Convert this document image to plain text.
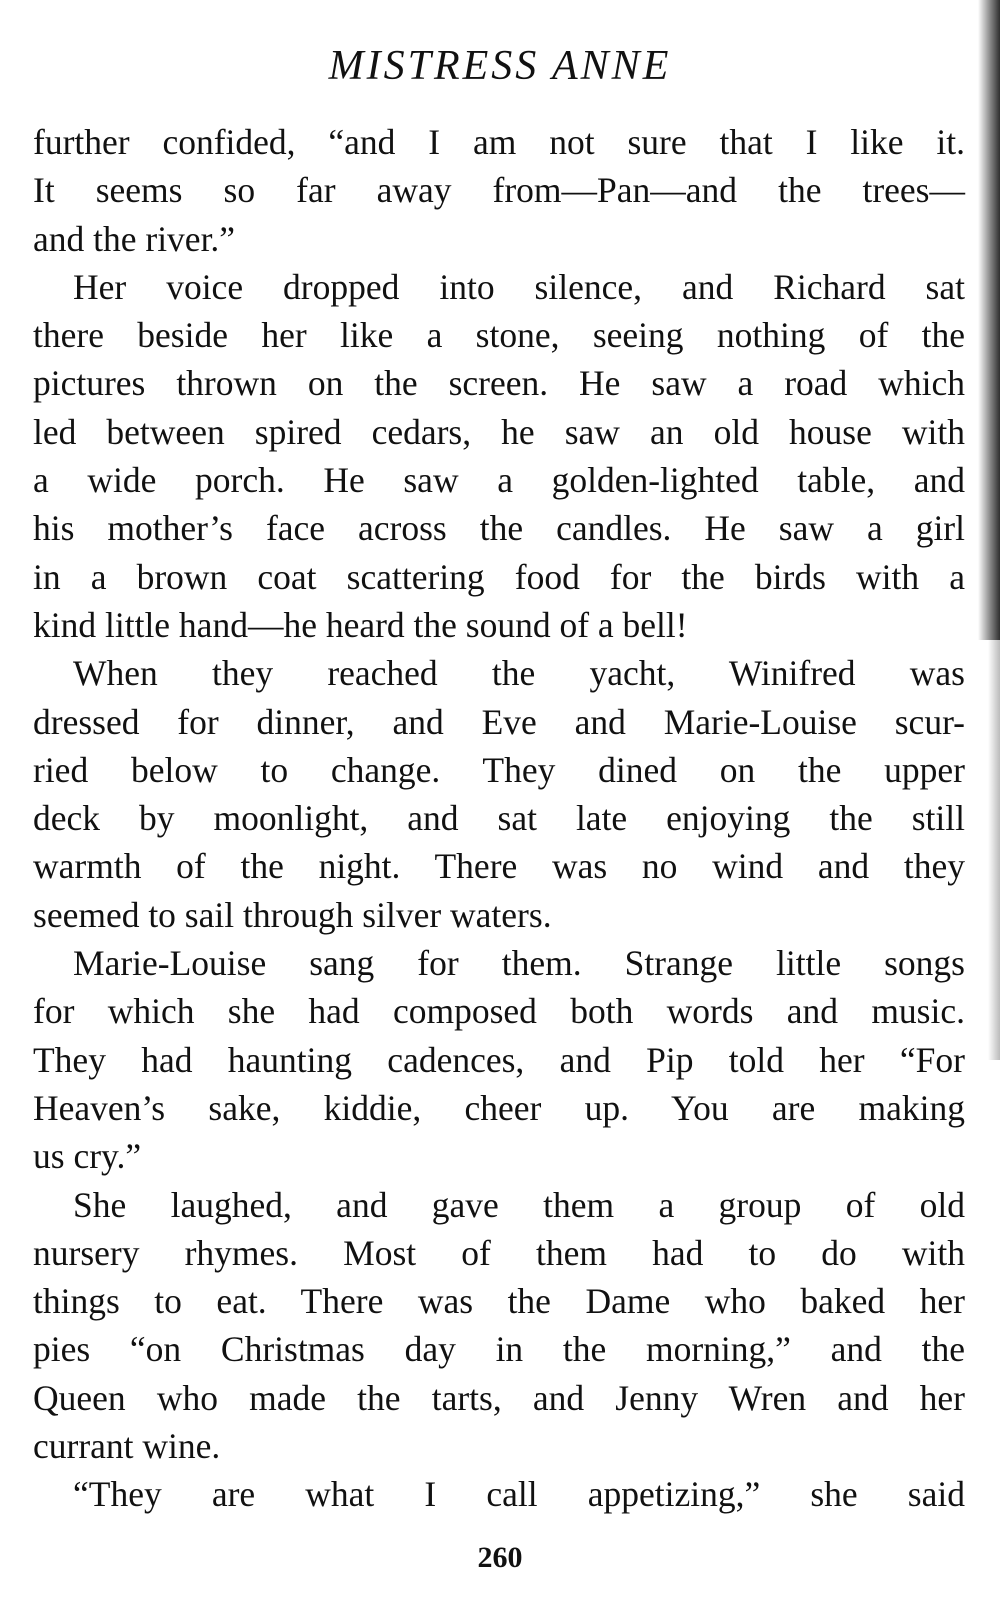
MISTRESS ANNE
further confided, “and I am not sure that I like it.
It seems so far away from—Pan—and the trees—
and the river.”
Her voice dropped into silence, and Richard sat
there beside her like a stone, seeing nothing of the
pictures thrown on the screen. He saw a road which
led between spired cedars, he saw an old house with
a wide porch. He saw a golden-lighted table, and
his mother’s face across the candles. He saw a girl
in a brown coat scattering food for the birds with a
kind little hand—he heard the sound of a bell!
When they reached the yacht, Winifred was
dressed for dinner, and Eve and Marie-Louise scur-
ried below to change. They dined on the upper
deck by moonlight, and sat late enjoying the still
warmth of the night. There was no wind and they
seemed to sail through silver waters.
Marie-Louise sang for them. Strange little songs
for which she had composed both words and music.
They had haunting cadences, and Pip told her “For
Heaven’s sake, kiddie, cheer up. You are making
us cry.”
She laughed, and gave them a group of old
nursery rhymes. Most of them had to do with
things to eat. There was the Dame who baked her
pies “on Christmas day in the morning,” and the
Queen who made the tarts, and Jenny Wren and her
currant wine.
“They are what I call appetizing,” she said
260
